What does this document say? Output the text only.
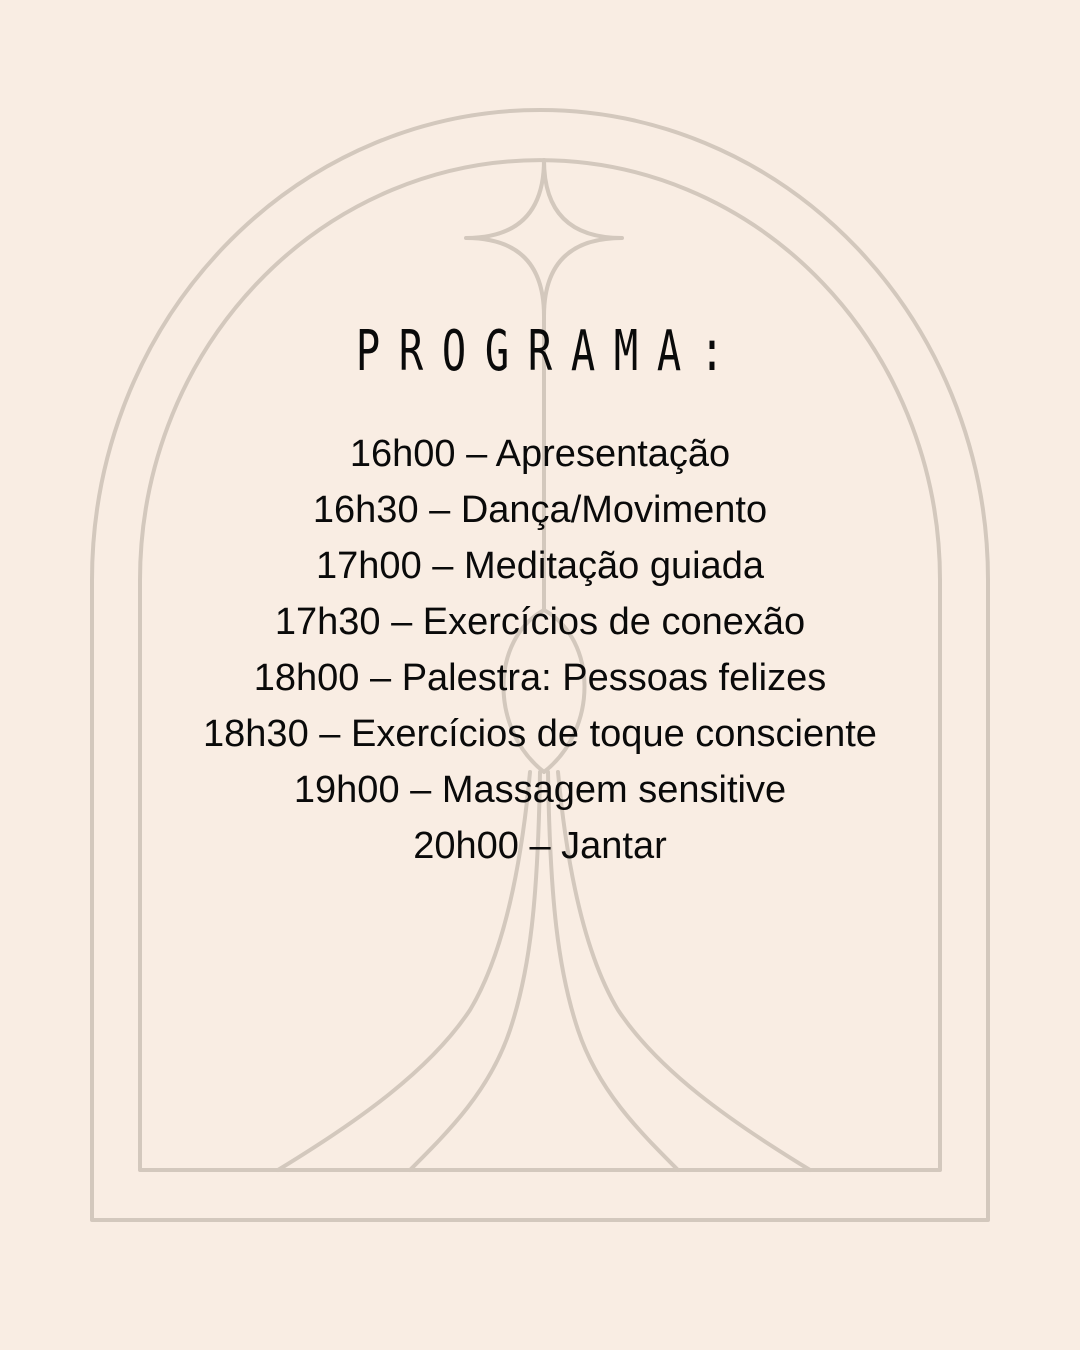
PROGRAMA:
16h00 – Apresentação
16h30 – Dança/Movimento
17h00 – Meditação guiada
17h30 – Exercícios de conexão
18h00 – Palestra: Pessoas felizes
18h30 – Exercícios de toque consciente
19h00 – Massagem sensitive
20h00 – Jantar
